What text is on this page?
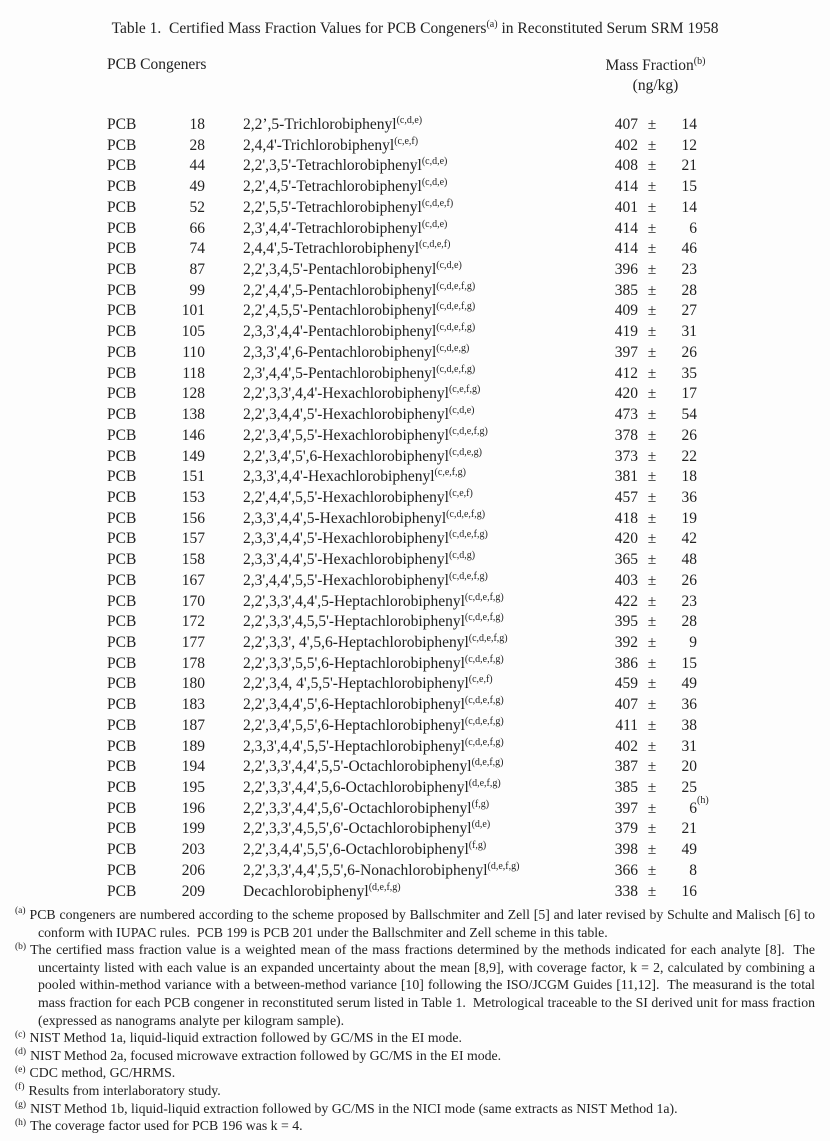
Table 1.  Certified Mass Fraction Values for PCB Congeners$^{(a)}$ in Reconstituted Serum SRM 1958
PCB Congeners	Mass Fraction$^{(b)}$
(ng/kg)
PCB	18 2,2’,5-Trichlorobiphenyl$^{(c,d,e)}$	407 ±	14
PCB	28 2,4,4'-Trichlorobiphenyl$^{(c,e,f)}$	402 ±	12
PCB	44 2,2',3,5'-Tetrachlorobiphenyl$^{(c,d,e)}$	408 ±	21
PCB	49 2,2',4,5'-Tetrachlorobiphenyl$^{(c,d,e)}$	414 ±	15
PCB	52 2,2',5,5'-Tetrachlorobiphenyl$^{(c,d,e,f)}$	401 ±	14
PCB	66 2,3',4,4'-Tetrachlorobiphenyl$^{(c,d,e)}$	414 ±	6
PCB	74 2,4,4',5-Tetrachlorobiphenyl$^{(c,d,e,f)}$	414 ±	46
PCB	87 2,2',3,4,5'-Pentachlorobiphenyl$^{(c,d,e)}$	396 ±	23
PCB	99 2,2',4,4',5-Pentachlorobiphenyl$^{(c,d,e,f,g)}$	385 ±	28
PCB	101 2,2',4,5,5'-Pentachlorobiphenyl$^{(c,d,e,f,g)}$	409 ±	27
PCB	105 2,3,3',4,4'-Pentachlorobiphenyl$^{(c,d,e,f,g)}$	419 ±	31
PCB	110 2,3,3',4',6-Pentachlorobiphenyl$^{(c,d,e,g)}$	397 ±	26
PCB	118 2,3',4,4',5-Pentachlorobiphenyl$^{(c,d,e,f,g)}$	412 ±	35
PCB	128 2,2',3,3',4,4'-Hexachlorobiphenyl$^{(c,e,f,g)}$	420 ±	17
PCB	138 2,2',3,4,4',5'-Hexachlorobiphenyl$^{(c,d,e)}$	473 ±	54
PCB	146 2,2',3,4',5,5'-Hexachlorobiphenyl$^{(c,d,e,f,g)}$	378 ±	26
PCB	149 2,2',3,4',5',6-Hexachlorobiphenyl$^{(c,d,e,g)}$	373 ±	22
PCB	151 2,3,3',4,4'-Hexachlorobiphenyl$^{(c,e,f,g)}$	381 ±	18
PCB	153 2,2',4,4',5,5'-Hexachlorobiphenyl$^{(c,e,f)}$	457 ±	36
PCB	156 2,3,3',4,4',5-Hexachlorobiphenyl$^{(c,d,e,f,g)}$	418 ±	19
PCB	157 2,3,3',4,4',5'-Hexachlorobiphenyl$^{(c,d,e,f,g)}$	420 ±	42
PCB	158 2,3,3',4,4',5'-Hexachlorobiphenyl$^{(c,d,g)}$	365 ±	48
PCB	167 2,3',4,4',5,5'-Hexachlorobiphenyl$^{(c,d,e,f,g)}$	403 ±	26
PCB	170 2,2',3,3',4,4',5-Heptachlorobiphenyl$^{(c,d,e,f,g)}$	422 ±	23
PCB	172 2,2',3,3',4,5,5'-Heptachlorobiphenyl$^{(c,d,e,f,g)}$	395 ±	28
PCB	177 2,2',3,3', 4',5,6-Heptachlorobiphenyl$^{(c,d,e,f,g)}$	392 ±	9
PCB	178 2,2',3,3',5,5',6-Heptachlorobiphenyl$^{(c,d,e,f,g)}$	386 ±	15
PCB	180 2,2',3,4, 4',5,5'-Heptachlorobiphenyl$^{(c,e,f)}$	459 ±	49
PCB	183 2,2',3,4,4',5',6-Heptachlorobiphenyl$^{(c,d,e,f,g)}$	407 ±	36
PCB	187 2,2',3,4',5,5',6-Heptachlorobiphenyl$^{(c,d,e,f,g)}$	411 ±	38
PCB	189 2,3,3',4,4',5,5'-Heptachlorobiphenyl$^{(c,d,e,f,g)}$	402 ±	31
PCB	194 2,2',3,3',4,4',5,5'-Octachlorobiphenyl$^{(d,e,f,g)}$	387 ±	20
PCB	195 2,2',3,3',4,4',5,6-Octachlorobiphenyl$^{(d,e,f,g)}$	385 ±	25
PCB	196 2,2',3,3',4,4',5,6'-Octachlorobiphenyl$^{(f,g)}$	397 ±	6 (h)
PCB	199 2,2',3,3',4,5,5',6'-Octachlorobiphenyl$^{(d,e)}$	379 ±	21
PCB	203 2,2',3,4,4',5,5',6-Octachlorobiphenyl$^{(f,g)}$	398 ±	49
PCB	206 2,2',3,3',4,4',5,5',6-Nonachlorobiphenyl$^{(d,e,f,g)}$	366 ±	8
PCB	209 Decachlorobiphenyl$^{(d,e,f,g)}$	338 ±	16
$^{(a)}$ PCB congeners are numbered according to the scheme proposed by Ballschmiter and Zell [5] and later revised by Schulte and Malisch [6] to conform with IUPAC rules.  PCB 199 is PCB 201 under the Ballschmiter and Zell scheme in this table.
$^{(b)}$ The certified mass fraction value is a weighted mean of the mass fractions determined by the methods indicated for each analyte [8].  The uncertainty listed with each value is an expanded uncertainty about the mean [8,9], with coverage factor, k = 2, calculated by combining a pooled within-method variance with a between-method variance [10] following the ISO/JCGM Guides [11,12].  The measurand is the total mass fraction for each PCB congener in reconstituted serum listed in Table 1.  Metrological traceable to the SI derived unit for mass fraction (expressed as nanograms analyte per kilogram sample).
$^{(c)}$ NIST Method 1a, liquid-liquid extraction followed by GC/MS in the EI mode.
$^{(d)}$ NIST Method 2a, focused microwave extraction followed by GC/MS in the EI mode.
$^{(e)}$ CDC method, GC/HRMS.
$^{(f)}$ Results from interlaboratory study.
$^{(g)}$ NIST Method 1b, liquid-liquid extraction followed by GC/MS in the NICI mode (same extracts as NIST Method 1a).
$^{(h)}$ The coverage factor used for PCB 196 was k = 4.
